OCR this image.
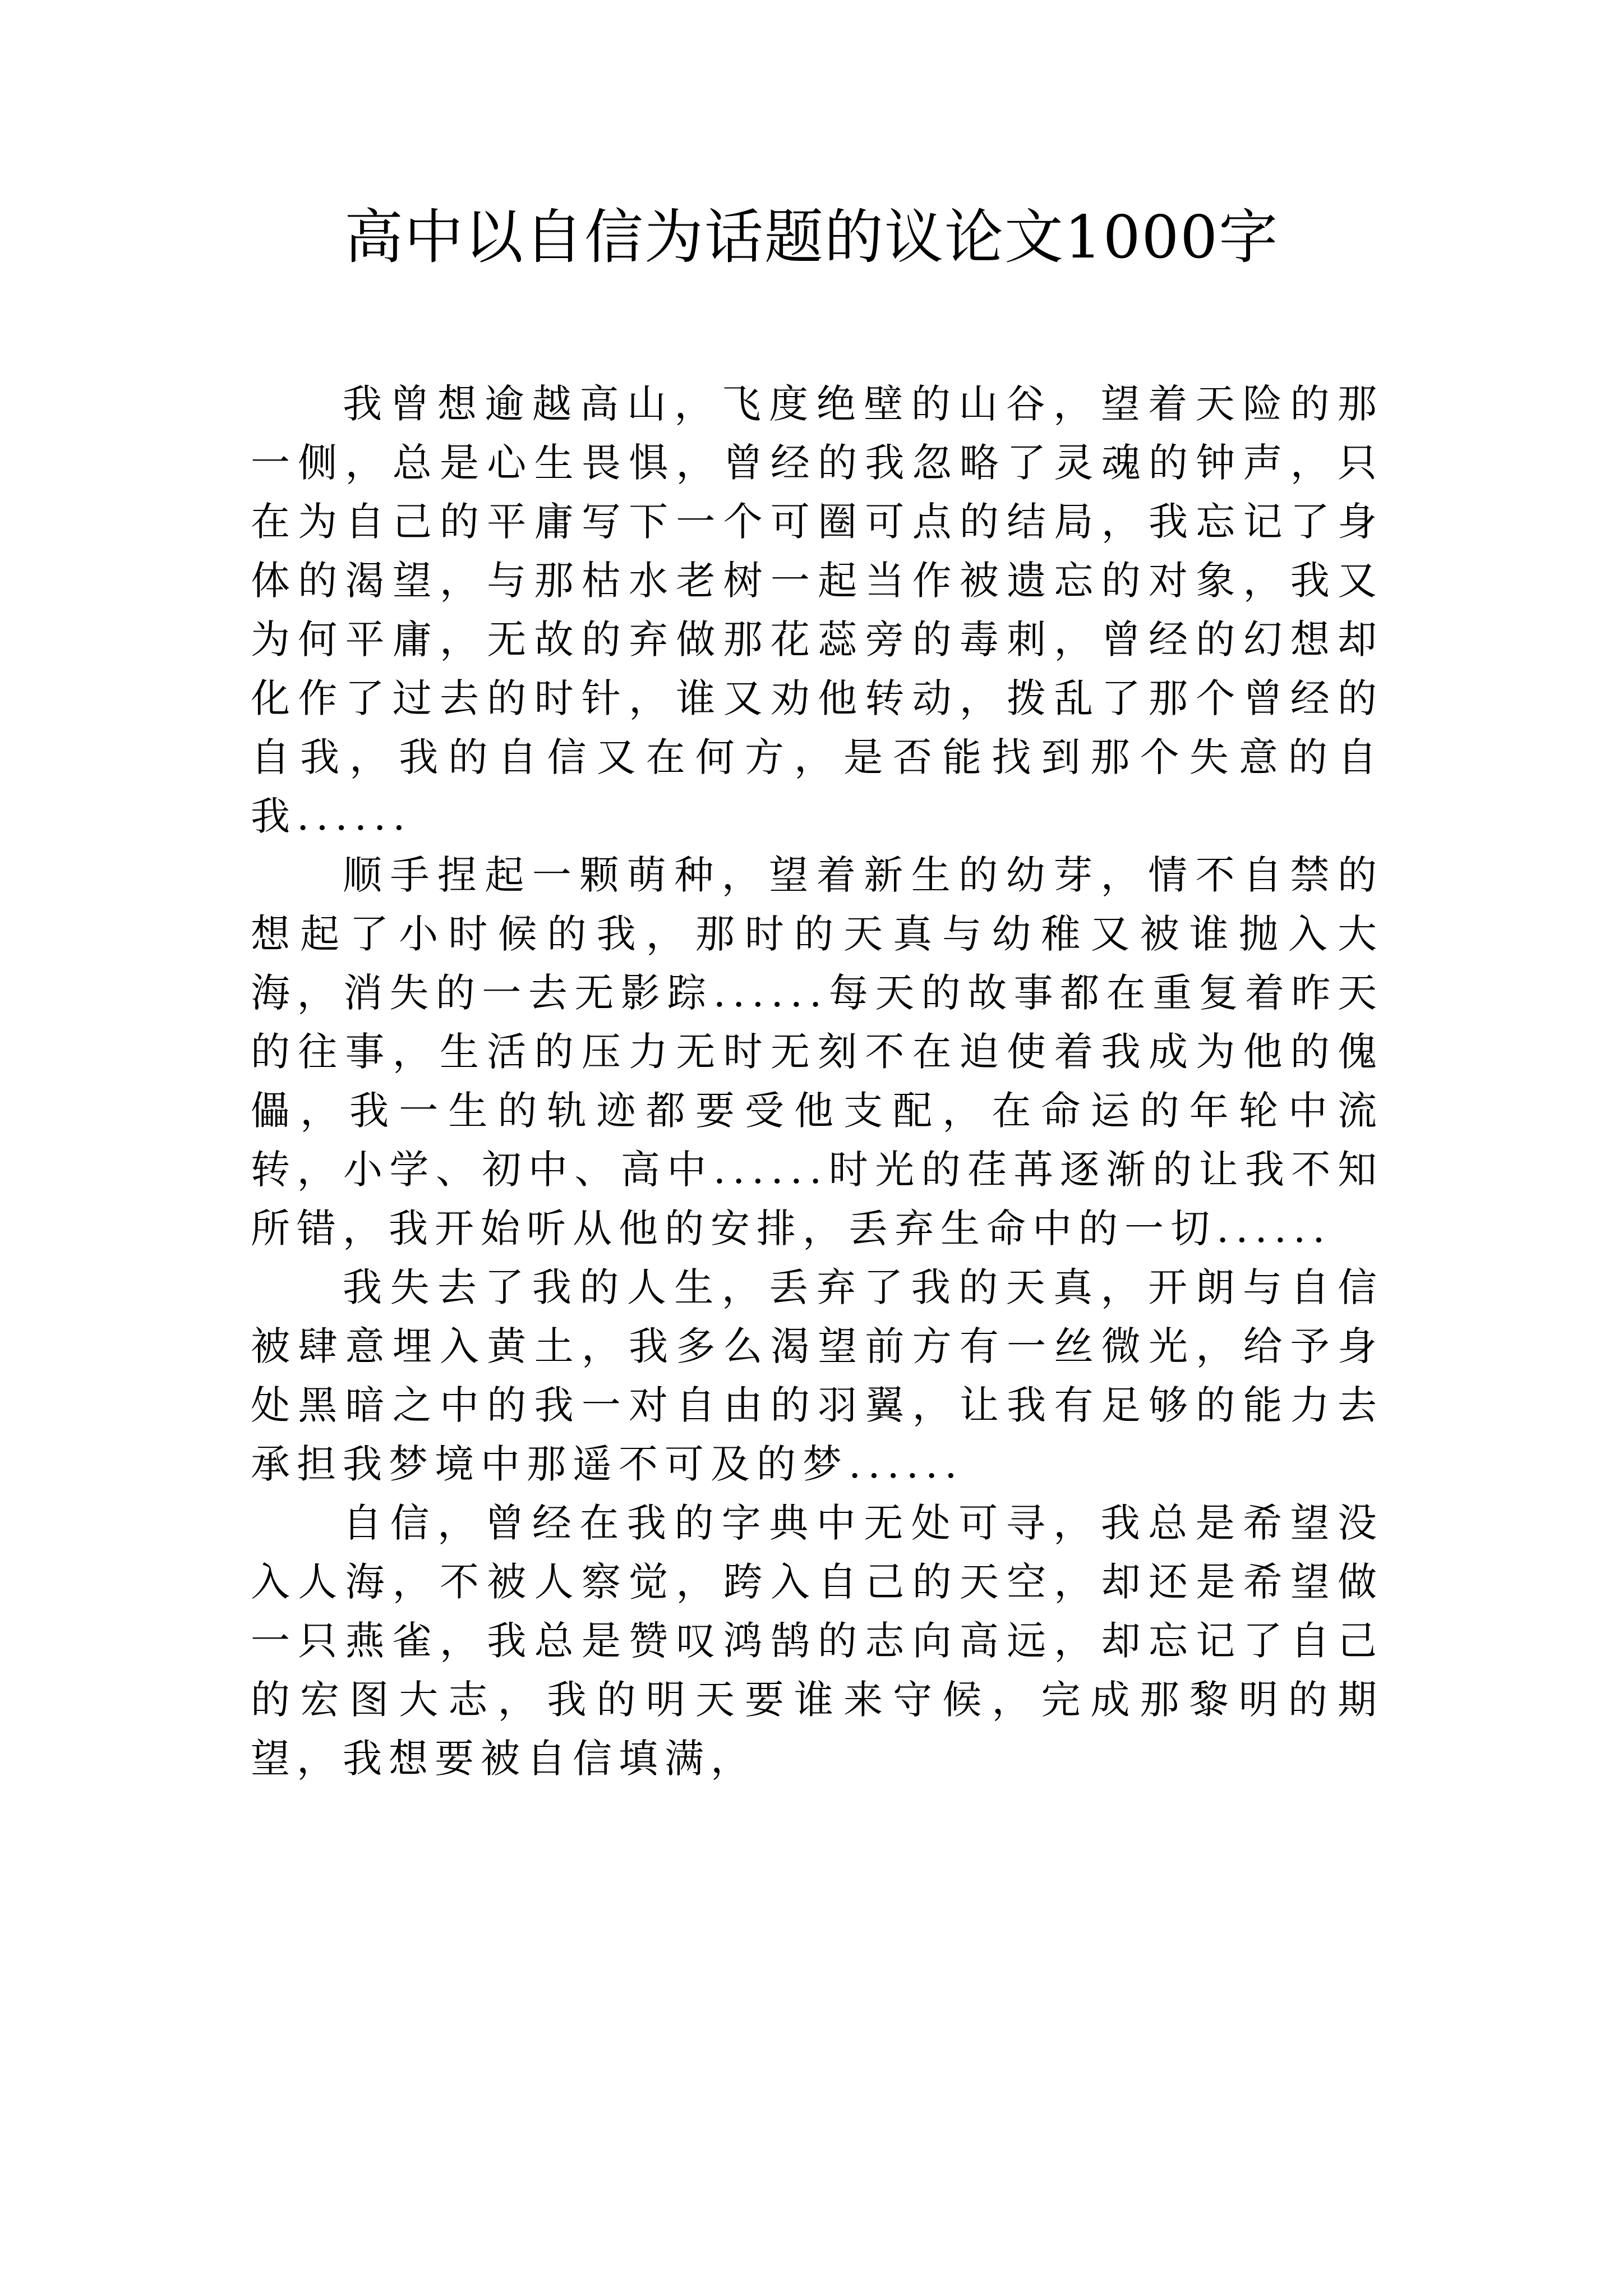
高中以自信为话题的议论文1000字

我曾想逾越高山，飞度绝壁的山谷，望着天险的那一侧，总是心生畏惧，曾经的我忽略了灵魂的钟声，只在为自己的平庸写下一个可圈可点的结局，我忘记了身体的渴望，与那枯水老树一起当作被遗忘的对象，我又为何平庸，无故的弃做那花蕊旁的毒刺，曾经的幻想却化作了过去的时针，谁又劝他转动，拨乱了那个曾经的自我，我的自信又在何方，是否能找到那个失意的自我......

顺手捏起一颗萌种，望着新生的幼芽，情不自禁的想起了小时候的我，那时的天真与幼稚又被谁抛入大海，消失的一去无影踪......每天的故事都在重复着昨天的往事，生活的压力无时无刻不在迫使着我成为他的傀儡，我一生的轨迹都要受他支配，在命运的年轮中流转，小学、初中、高中......时光的荏苒逐渐的让我不知所错，我开始听从他的安排，丢弃生命中的一切......

我失去了我的人生，丢弃了我的天真，开朗与自信被肆意埋入黄土，我多么渴望前方有一丝微光，给予身处黑暗之中的我一对自由的羽翼，让我有足够的能力去承担我梦境中那遥不可及的梦......

自信，曾经在我的字典中无处可寻，我总是希望没入人海，不被人察觉，跨入自己的天空，却还是希望做一只燕雀，我总是赞叹鸿鹄的志向高远，却忘记了自己的宏图大志，我的明天要谁来守候，完成那黎明的期望，我想要被自信填满，
